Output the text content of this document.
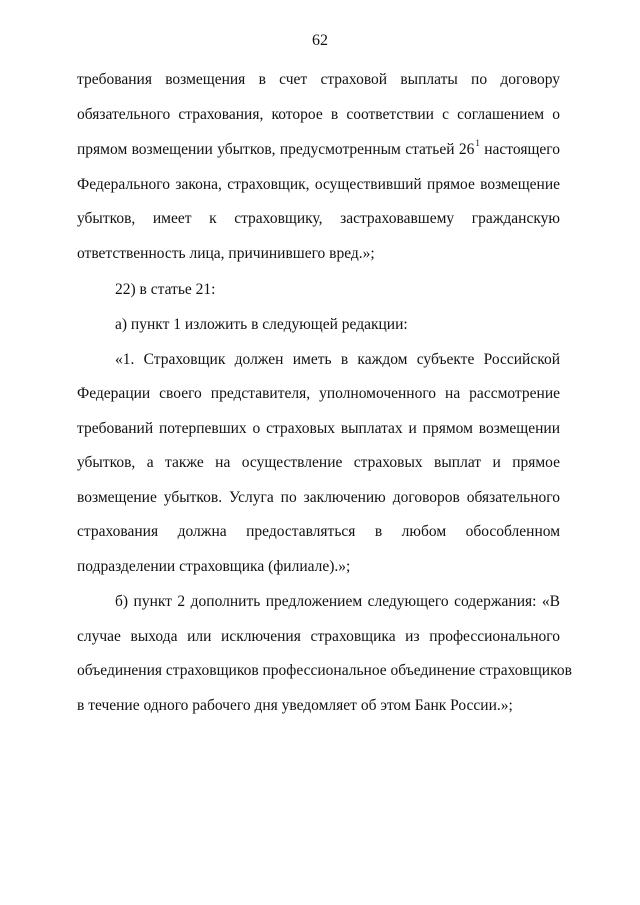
62
требования возмещения в счет страховой выплаты по договору
обязательного страхования, которое в соответствии с соглашением о
прямом возмещении убытков, предусмотренным статьей $26^1$ настоящего
Федерального закона, страховщик, осуществивший прямое возмещение
убытков, имеет к страховщику, застраховавшему гражданскую
ответственность лица, причинившего вред.»;
22) в статье 21:
а) пункт 1 изложить в следующей редакции:
«1. Страховщик должен иметь в каждом субъекте Российской
Федерации своего представителя, уполномоченного на рассмотрение
требований потерпевших о страховых выплатах и прямом возмещении
убытков, а также на осуществление страховых выплат и прямое
возмещение убытков. Услуга по заключению договоров обязательного
страхования должна предоставляться в любом обособленном
подразделении страховщика (филиале).»;
б) пункт 2 дополнить предложением следующего содержания: «В
случае выхода или исключения страховщика из профессионального
объединения страховщиков профессиональное объединение страховщиков
в течение одного рабочего дня уведомляет об этом Банк России.»;
